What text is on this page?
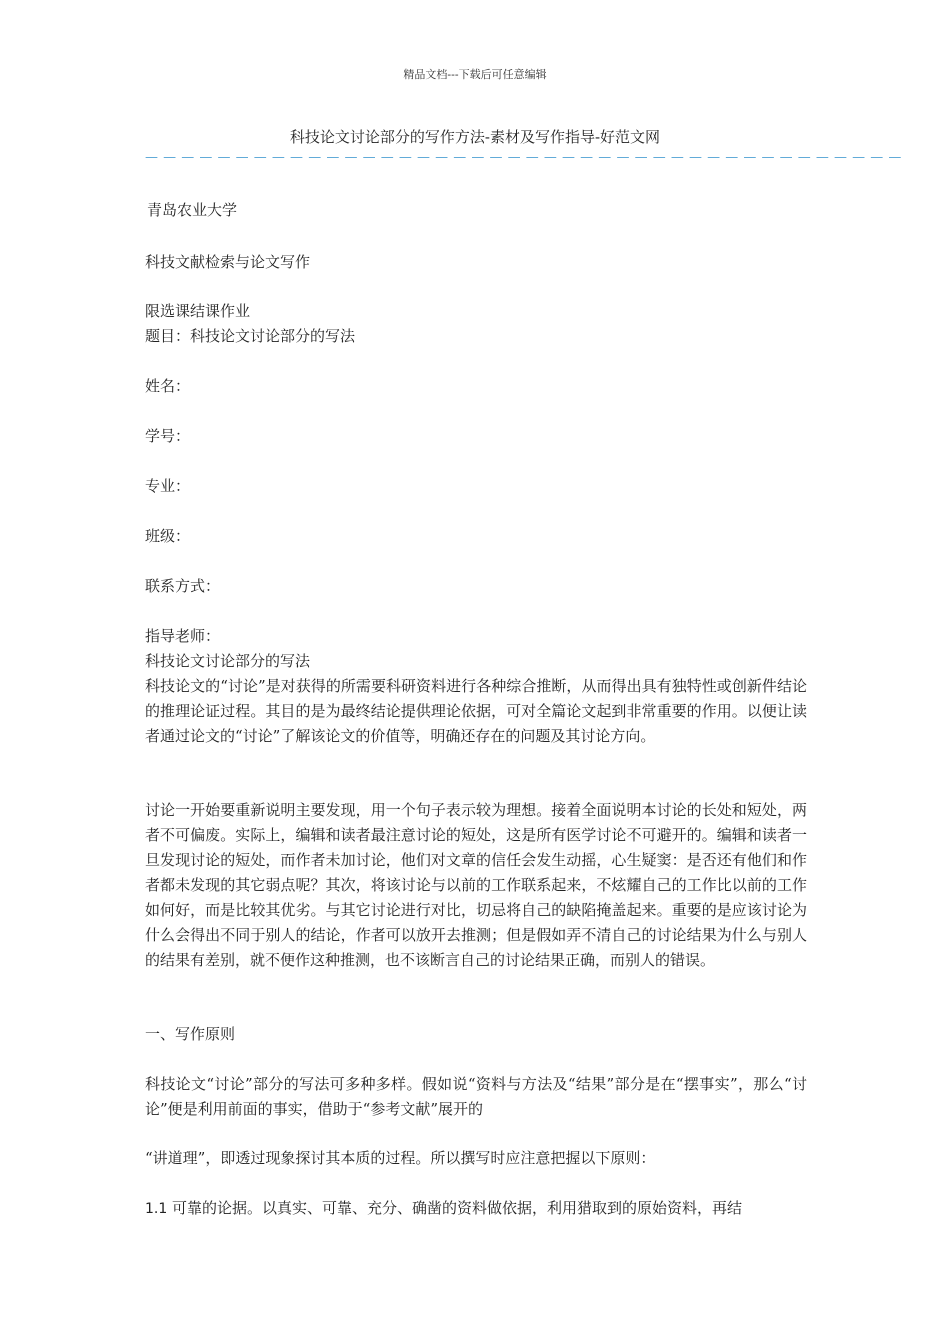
精品文档---下载后可任意编辑
科技论文讨论部分的写作方法-素材及写作指导-好范文网
— — — — — — — — — — — — — — — — — — — — — — — — — — — — — — — — — — — — — — — — — —
青岛农业大学
科技文献检索与论文写作
限选课结课作业
题目：科技论文讨论部分的写法
姓名：
学号：
专业：
班级：
联系方式：
指导老师：
科技论文讨论部分的写法
科技论文的“讨论”是对获得的所需要科研资料进行各种综合推断，从而得出具有独特性或创新件结论的推理论证过程。其目的是为最终结论提供理论依据，可对全篇论文起到非常重要的作用。以便让读者通过论文的“讨论”了解该论文的价值等，明确还存在的问题及其讨论方向。
讨论一开始要重新说明主要发现，用一个句子表示较为理想。接着全面说明本讨论的长处和短处，两者不可偏废。实际上，编辑和读者最注意讨论的短处，这是所有医学讨论不可避开的。编辑和读者一旦发现讨论的短处，而作者未加讨论，他们对文章的信任会发生动摇，心生疑窦：是否还有他们和作者都未发现的其它弱点呢？其次，将该讨论与以前的工作联系起来，不炫耀自己的工作比以前的工作如何好，而是比较其优劣。与其它讨论进行对比，切忌将自己的缺陷掩盖起来。重要的是应该讨论为什么会得出不同于别人的结论，作者可以放开去推测；但是假如弄不清自己的讨论结果为什么与别人的结果有差别，就不便作这种推测，也不该断言自己的讨论结果正确，而别人的错误。
一、写作原则
科技论文“讨论”部分的写法可多种多样。假如说“资料与方法及“结果”部分是在“摆事实”，那么“讨论”便是利用前面的事实，借助于“参考文献”展开的
“讲道理”，即透过现象探讨其本质的过程。所以撰写时应注意把握以下原则：
1.1 可靠的论据。以真实、可靠、充分、确凿的资料做依据，利用猎取到的原始资料，再结
